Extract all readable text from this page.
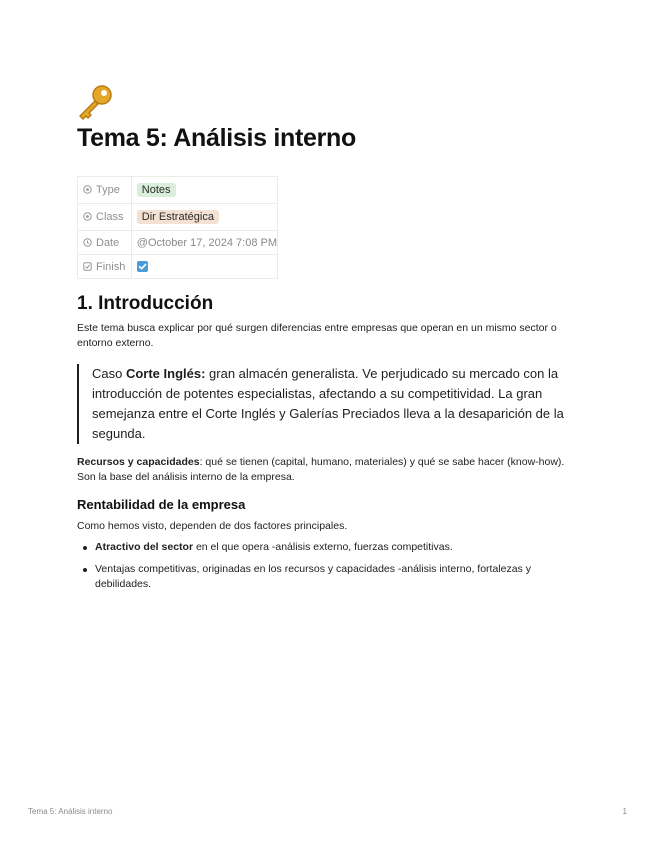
Tema 5: Análisis interno
Type	Notes
Class	Dir Estratégica
Date	@October 17, 2024 7:08 PM
Finish	
1. Introducción

Este tema busca explicar por qué surgen diferencias entre empresas que operan en un mismo sector o entorno externo.

Caso Corte Inglés: gran almacén generalista. Ve perjudicado su mercado con la introducción de potentes especialistas, afectando a su competitividad. La gran semejanza entre el Corte Inglés y Galerías Preciados lleva a la desaparición de la segunda.

Recursos y capacidades: qué se tienen (capital, humano, materiales) y qué se sabe hacer (know-how). Son la base del análisis interno de la empresa.

Rentabilidad de la empresa

Como hemos visto, dependen de dos factores principales.

Atractivo del sector en el que opera -análisis externo, fuerzas competitivas.
Ventajas competitivas, originadas en los recursos y capacidades -análisis interno, fortalezas y debilidades.
Tema 5: Análisis interno	1
